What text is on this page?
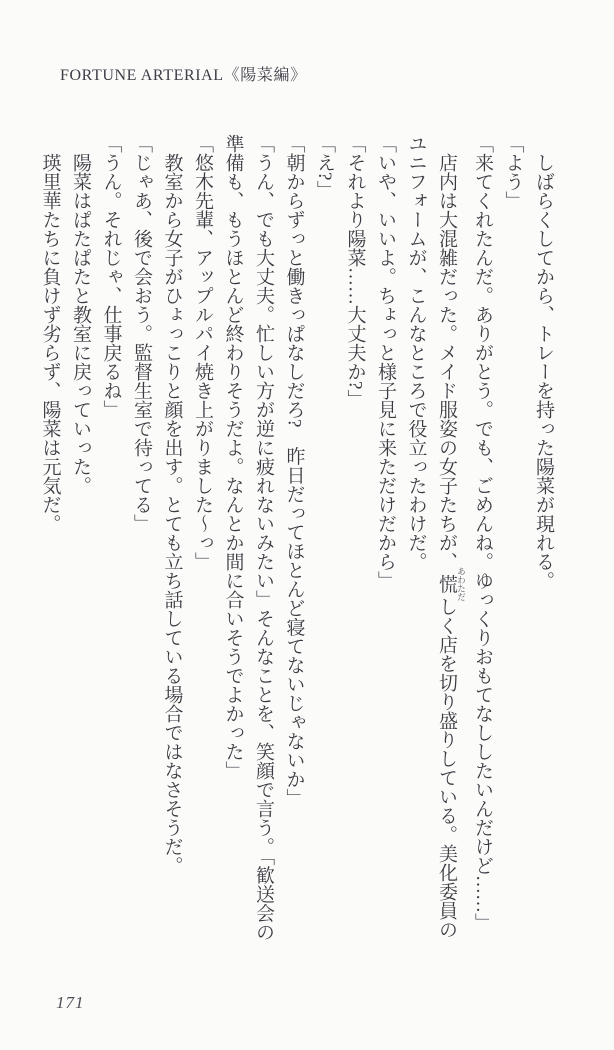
FORTUNE ARTERIAL《陽菜編》

しばらくしてから、トレーを持った陽菜が現れる。

「よう」

「来てくれたんだ。ありがとう。でも、ごめんね。ゆっくりおもてなししたいんだけど……」

店内は大混雑だった。メイド服姿の女子たちが、慌 あわただしく店を切り盛りしている。美化委員の

ユニフォームが、こんなところで役立ったわけだ。

「いや、いいよ。ちょっと様子見に来ただけだから」

「それより陽菜……大丈夫か?」

「え?」

「朝からずっと働きっぱなしだろ?　昨日だってほとんど寝てないじゃないか」

「うん、でも大丈夫。忙しい方が逆に疲れないみたい」そんなことを、笑顔で言う。「歓送会の

準備も、もうほとんど終わりそうだよ。なんとか間に合いそうでよかった」

「悠木先輩、アップルパイ焼き上がりました～っ」

教室から女子がひょっこりと顔を出す。とても立ち話している場合ではなさそうだ。

「じゃあ、後で会おう。監督生室で待ってる」

「うん。それじゃ、仕事戻るね」

陽菜はぱたぱたと教室に戻っていった。

瑛里華たちに負けず劣らず、陽菜は元気だ。

171
